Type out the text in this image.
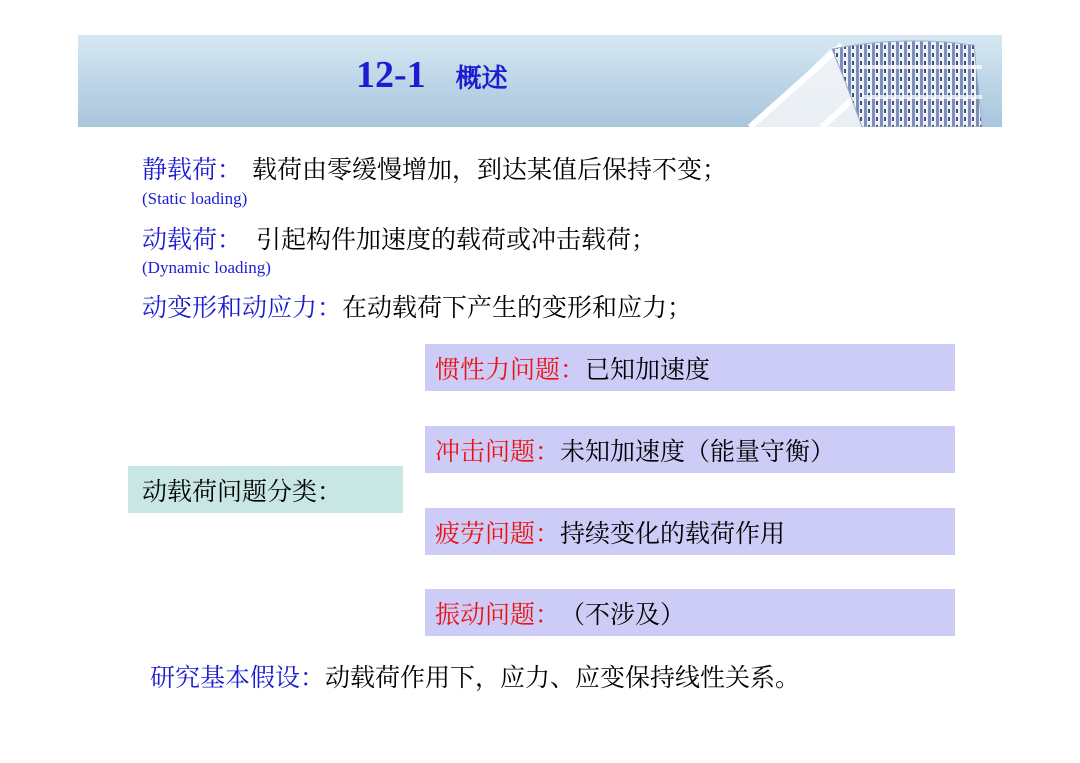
12-1 概述
静载荷： 载荷由零缓慢增加，到达某值后保持不变；
(Static loading)
动载荷： 引起构件加速度的载荷或冲击载荷；
(Dynamic loading)
动变形和动应力：在动载荷下产生的变形和应力；
动载荷问题分类：
惯性力问题： 已知加速度
冲击问题： 未知加速度（能量守衡）
疲劳问题： 持续变化的载荷作用
振动问题： （不涉及）
研究基本假设：动载荷作用下，应力、应变保持线性关系。
